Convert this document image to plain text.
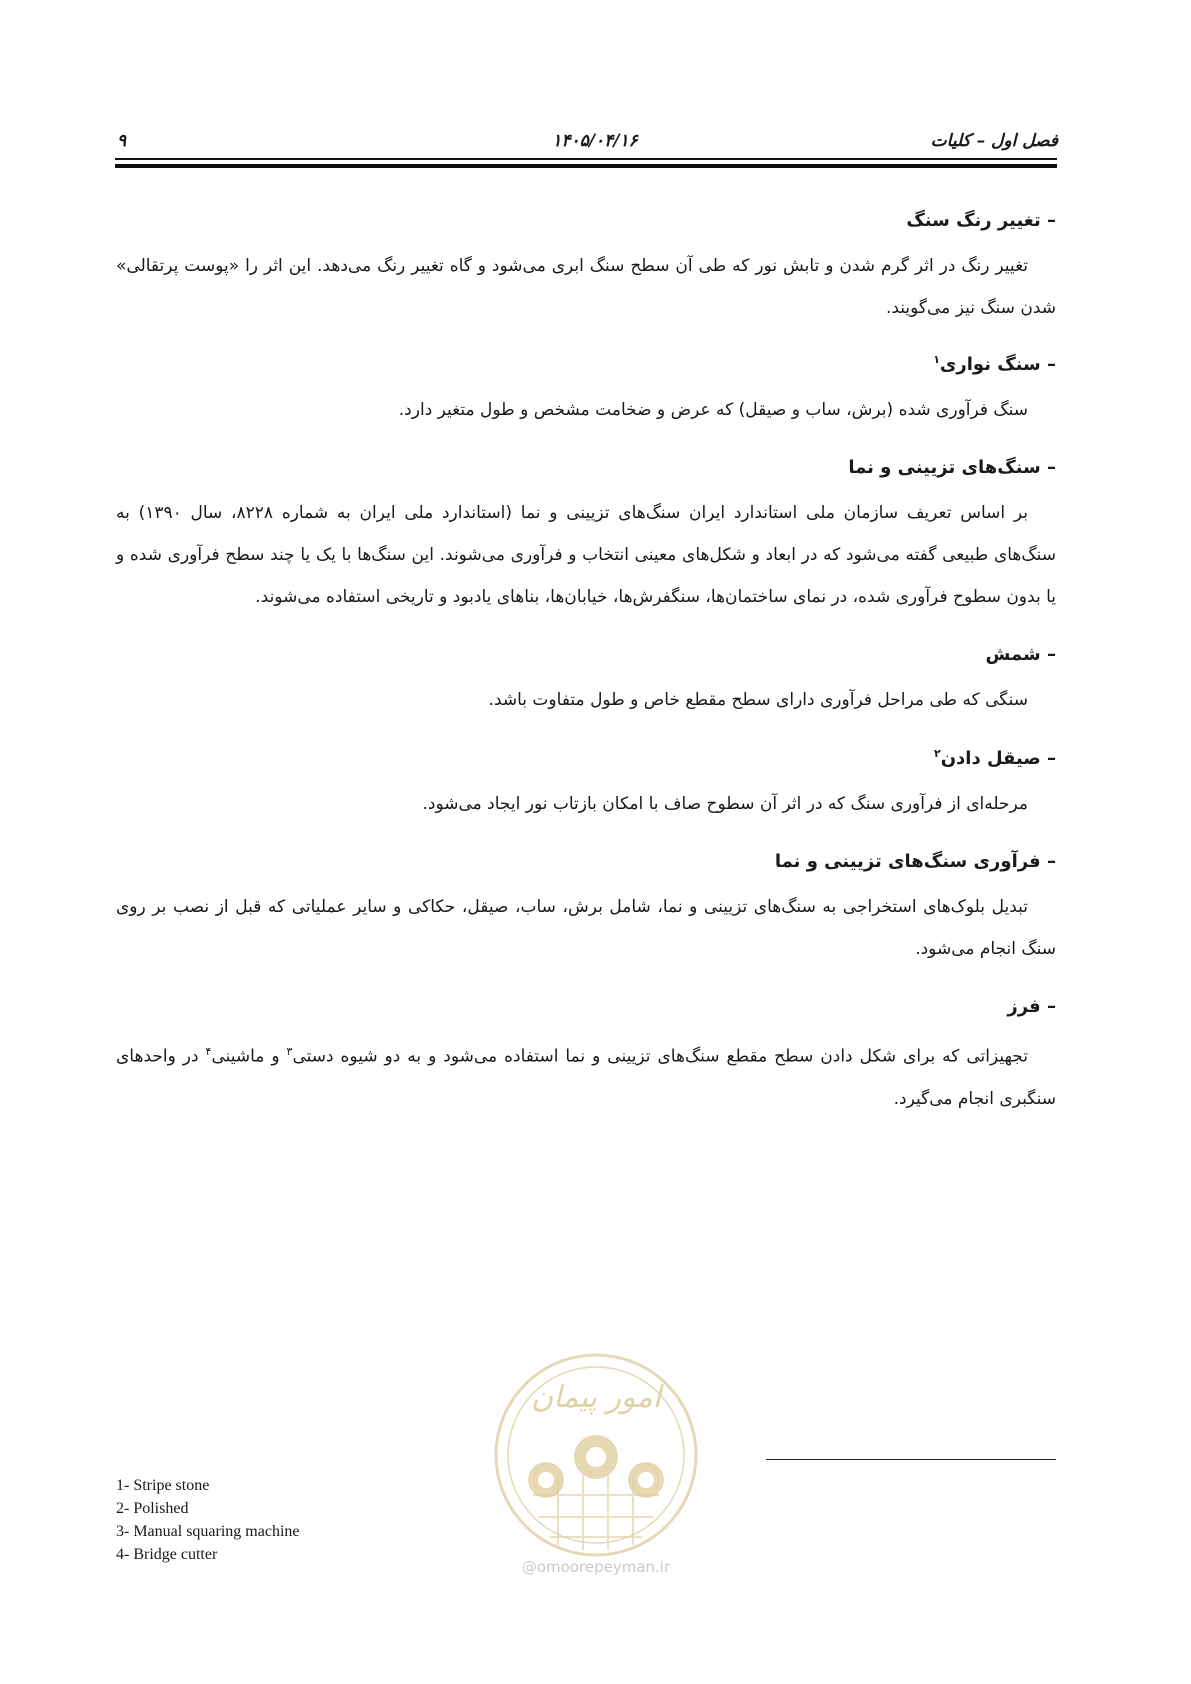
۹	۱۴۰۵/۰۴/۱۶	فصل اول – کلیات

– تغییر رنگ سنگ

تغییر رنگ در اثر گرم شدن و تابش نور که طی آن سطح سنگ ابری می‌شود و گاه تغییر رنگ می‌دهد. این اثر را «پوست پرتقالی» شدن سنگ نیز می‌گویند.

– سنگ نواری$^۱$

سنگ فرآوری شده (برش، ساب و صیقل) که عرض و ضخامت مشخص و طول متغیر دارد.

– سنگ‌های تزیینی و نما

بر اساس تعریف سازمان ملی استاندارد ایران سنگ‌های تزیینی و نما (استاندارد ملی ایران به شماره ۸۲۲۸، سال ۱۳۹۰) به سنگ‌های طبیعی گفته می‌شود که در ابعاد و شکل‌های معینی انتخاب و فرآوری می‌شوند. این سنگ‌ها با یک یا چند سطح فرآوری شده و یا بدون سطوح فرآوری شده، در نمای ساختمان‌ها، سنگفرش‌ها، خیابان‌ها، بناهای یادبود و تاریخی استفاده می‌شوند.

– شمش

سنگی که طی مراحل فرآوری دارای سطح مقطع خاص و طول متفاوت باشد.

– صیقل دادن$^۲$

مرحله‌ای از فرآوری سنگ که در اثر آن سطوح صاف با امکان بازتاب نور ایجاد می‌شود.

– فرآوری سنگ‌های تزیینی و نما

تبدیل بلوک‌های استخراجی به سنگ‌های تزیینی و نما، شامل برش، ساب، صیقل، حکاکی و سایر عملیاتی که قبل از نصب بر روی سنگ انجام می‌شود.

– فرز

تجهیزاتی که برای شکل دادن سطح مقطع سنگ‌های تزیینی و نما استفاده می‌شود و به دو شیوه دستی$^۳$ و ماشینی$^۴$ در واحدهای سنگبری انجام می‌گیرد.

امور پیمان
@omoorepeyman.ir
1- Stripe stone
2- Polished
3- Manual squaring machine
4- Bridge cutter
